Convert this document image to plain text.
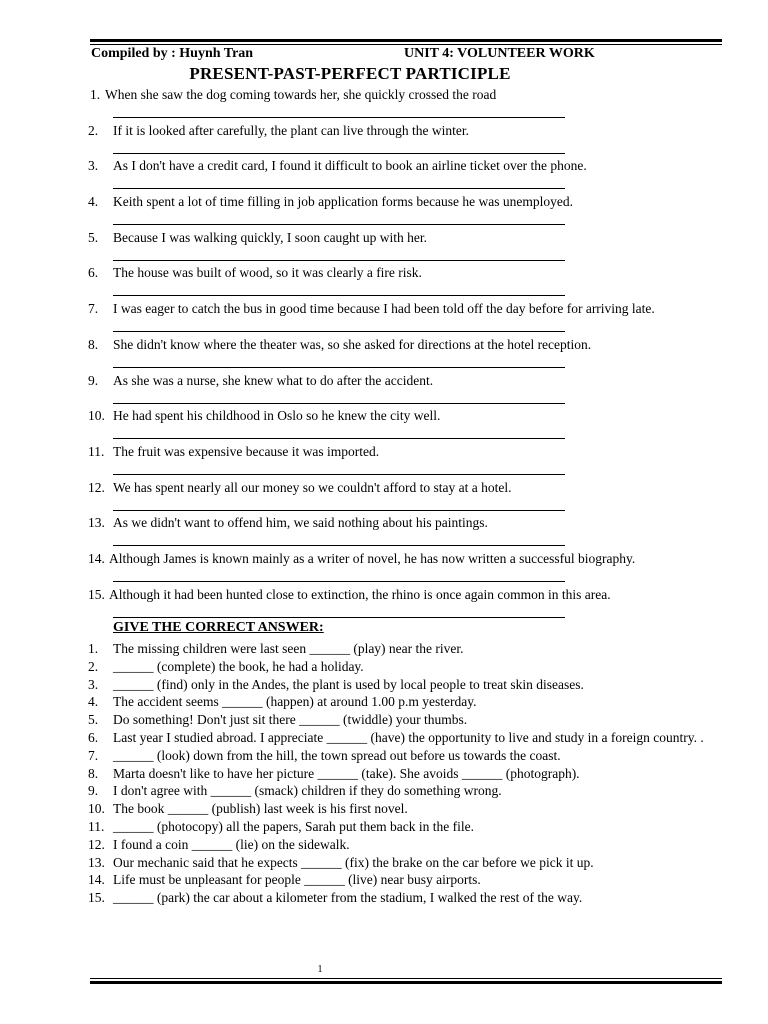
Compiled by : Huynh Tran	UNIT 4: VOLUNTEER WORK
PRESENT-PAST-PERFECT PARTICIPLE
1. When she saw the dog coming towards her, she quickly crossed the road
2. If it is looked after carefully, the plant can live through the winter.
3. As I don't have a credit card, I found it difficult to book an airline ticket over the phone.
4. Keith spent a lot of time filling in job application forms because he was unemployed.
5. Because I was walking quickly, I soon caught up with her.
6. The house was built of wood, so it was clearly a fire risk.
7. I was eager to catch the bus in good time because I had been told off the day before for arriving late.
8. She didn't know where the theater was, so she asked for directions at the hotel reception.
9. As she was a nurse, she knew what to do after the accident.
10. He had spent his childhood in Oslo so he knew the city well.
11. The fruit was expensive because it was imported.
12. We has spent nearly all our money so we couldn't afford to stay at a hotel.
13. As we didn't want to offend him, we said nothing about his paintings.
14. Although James is known mainly as a writer of novel, he has now written a successful biography.
15. Although it had been hunted close to extinction, the rhino is once again common in this area.
GIVE THE CORRECT ANSWER:
1. The missing children were last seen ______ (play) near the river.
2. ______ (complete) the book, he had a holiday.
3. ______ (find) only in the Andes, the plant is used by local people to treat skin diseases.
4. The accident seems ______ (happen) at around 1.00 p.m yesterday.
5. Do something! Don't just sit there ______ (twiddle) your thumbs.
6. Last year I studied abroad. I appreciate ______ (have) the opportunity to live and study in a foreign country. .
7. ______ (look) down from the hill, the town spread out before us towards the coast.
8. Marta doesn't like to have her picture ______ (take). She avoids ______ (photograph).
9. I don't agree with ______ (smack) children if they do something wrong.
10. The book ______ (publish) last week is his first novel.
11. ______ (photocopy) all the papers, Sarah put them back in the file.
12. I found a coin ______ (lie) on the sidewalk.
13. Our mechanic said that he expects ______ (fix) the brake on the car before we pick it up.
14. Life must be unpleasant for people ______ (live) near busy airports.
15. ______ (park) the car about a kilometer from the stadium, I walked the rest of the way.
1
